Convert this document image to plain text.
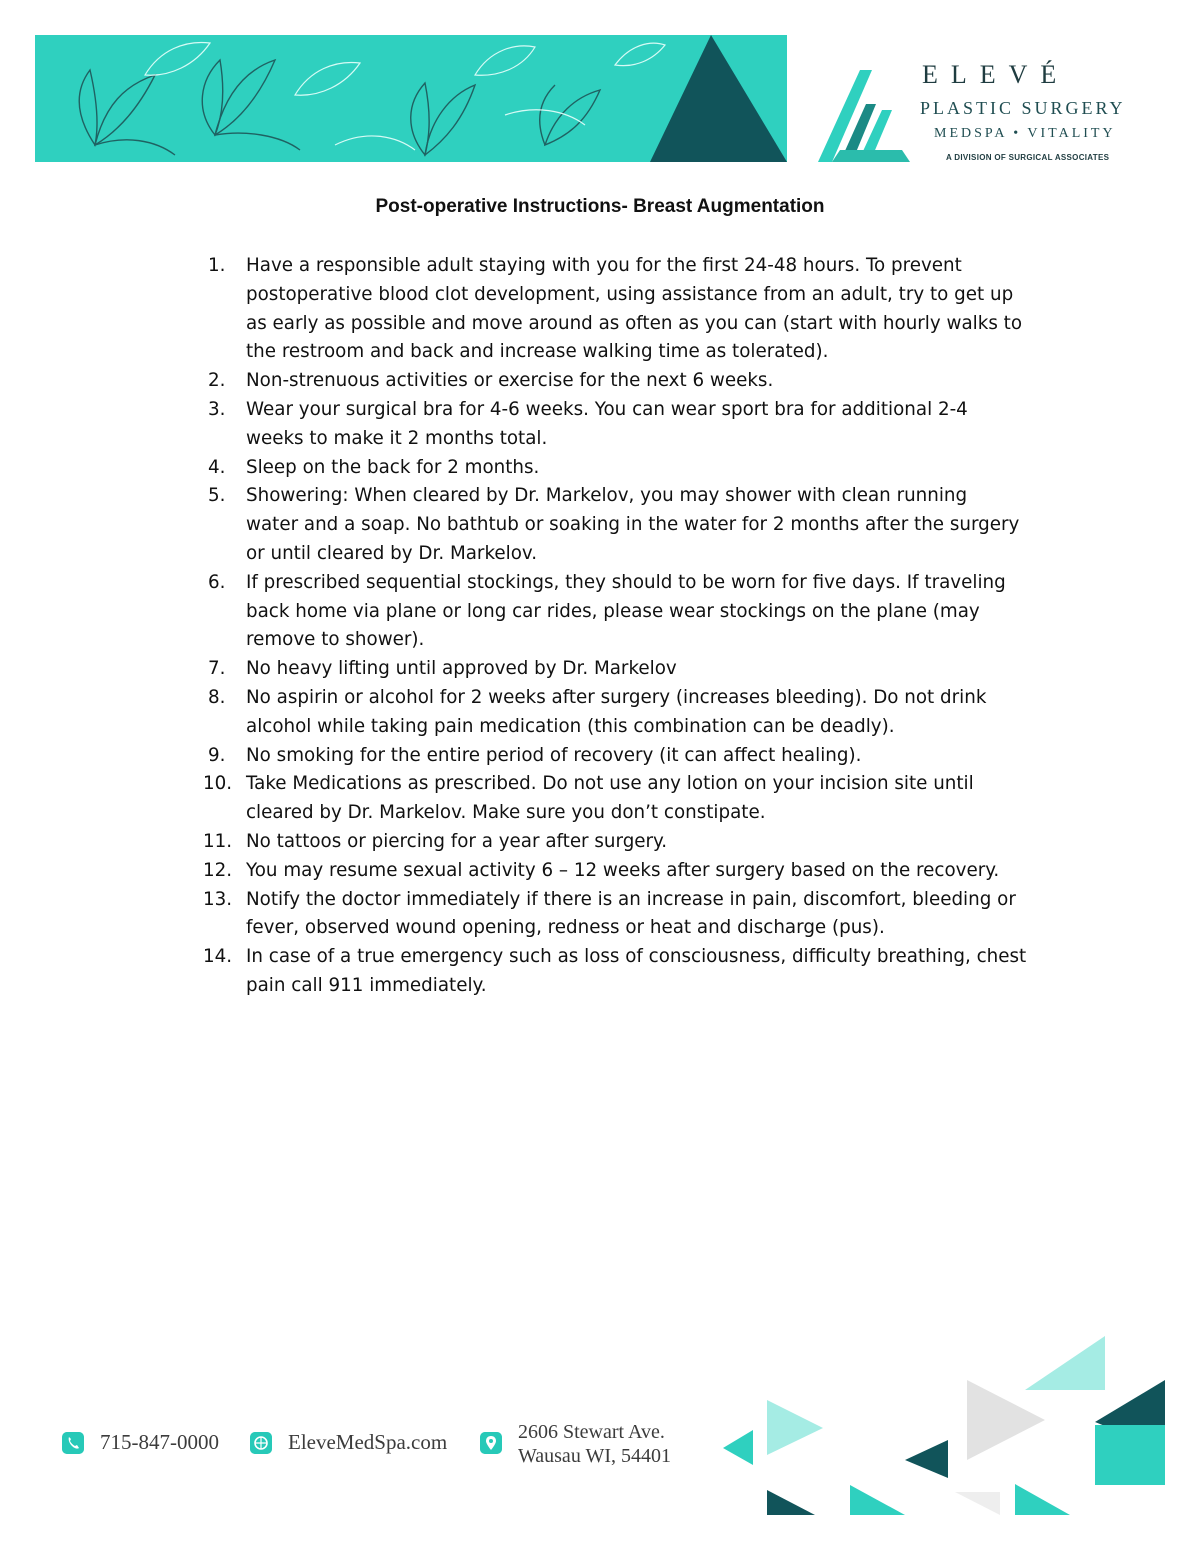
ELEVÉ
PLASTIC SURGERY
MEDSPA • VITALITY
A DIVISION OF SURGICAL ASSOCIATES
Post-operative Instructions- Breast Augmentation
1. Have a responsible adult staying with you for the first 24-48 hours. To prevent
postoperative blood clot development, using assistance from an adult, try to get up
as early as possible and move around as often as you can (start with hourly walks to
the restroom and back and increase walking time as tolerated).
2. Non-strenuous activities or exercise for the next 6 weeks.
3. Wear your surgical bra for 4-6 weeks. You can wear sport bra for additional 2-4
weeks to make it 2 months total.
4. Sleep on the back for 2 months.
5. Showering: When cleared by Dr. Markelov, you may shower with clean running
water and a soap. No bathtub or soaking in the water for 2 months after the surgery
or until cleared by Dr. Markelov.
6. If prescribed sequential stockings, they should to be worn for five days. If traveling
back home via plane or long car rides, please wear stockings on the plane (may
remove to shower).
7. No heavy lifting until approved by Dr. Markelov
8. No aspirin or alcohol for 2 weeks after surgery (increases bleeding). Do not drink
alcohol while taking pain medication (this combination can be deadly).
9. No smoking for the entire period of recovery (it can affect healing).
10. Take Medications as prescribed. Do not use any lotion on your incision site until
cleared by Dr. Markelov. Make sure you don’t constipate.
11. No tattoos or piercing for a year after surgery.
12. You may resume sexual activity 6 – 12 weeks after surgery based on the recovery.
13. Notify the doctor immediately if there is an increase in pain, discomfort, bleeding or
fever, observed wound opening, redness or heat and discharge (pus).
14. In case of a true emergency such as loss of consciousness, difficulty breathing, chest
pain call 911 immediately.
715-847-0000	EleveMedSpa.com	2606 Stewart Ave.
Wausau WI, 54401
